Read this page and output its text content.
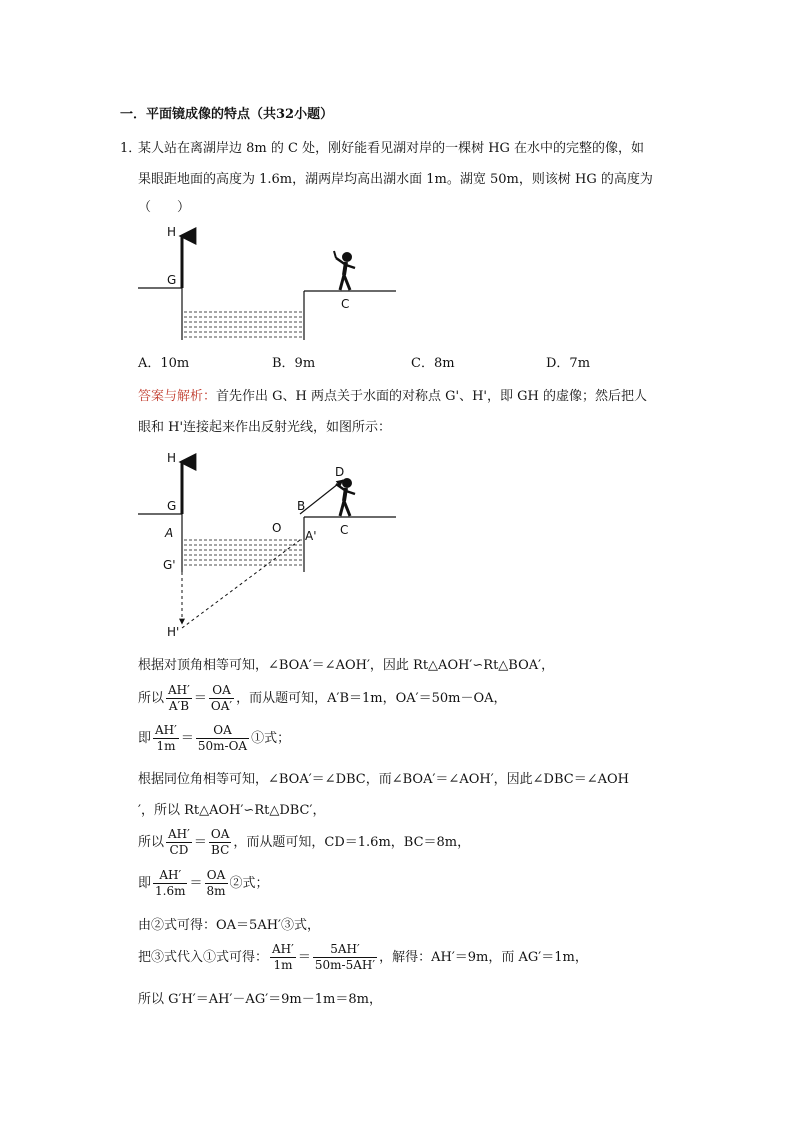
一．平面镜成像的特点（共32小题）
1．
某人站在离湖岸边 8m 的 C 处，刚好能看见湖对岸的一棵树 HG 在水中的完整的像，如
果眼距地面的高度为 1.6m，湖两岸均高出湖水面 1m。湖宽 50m，则该树 HG 的高度为
（　　）
H
G
C
H
G
A
G'
H'
D
B
O
A' C
A．10m	B．9m	C．8m	D．7m
答案与解析：首先作出 G、H 两点关于水面的对称点 G'、H'，即 GH 的虚像；然后把人
眼和 H'连接起来作出反射光线，如图所示：
根据对顶角相等可知，∠BOA′＝∠AOH′，因此 Rt△AOH′∽Rt△BOA′，
所以 $\frac{AH'}{A'B} = \frac{OA}{OA'}$ ，而从题可知，A′B＝1m，OA′＝50m－OA，
即 $\frac{AH'}{1m} = \frac{OA}{50m-OA}$ ①式；
根据同位角相等可知，∠BOA′＝∠DBC，而∠BOA′＝∠AOH′，因此∠DBC＝∠AOH
′，所以 Rt△AOH′∽Rt△DBC′，
所以 $\frac{AH'}{CD} = \frac{OA}{BC}$ ，而从题可知，CD＝1.6m，BC＝8m，
即 $\frac{AH'}{1.6m} = \frac{OA}{8m}$ ②式；
由②式可得：OA＝5AH′③式，
把③式代入①式可得： $\frac{AH'}{1m} = \frac{5AH'}{50m-5AH'}$ ，解得：AH′＝9m，而 AG′＝1m，
所以 G′H′＝AH′－AG′＝9m－1m＝8m，
